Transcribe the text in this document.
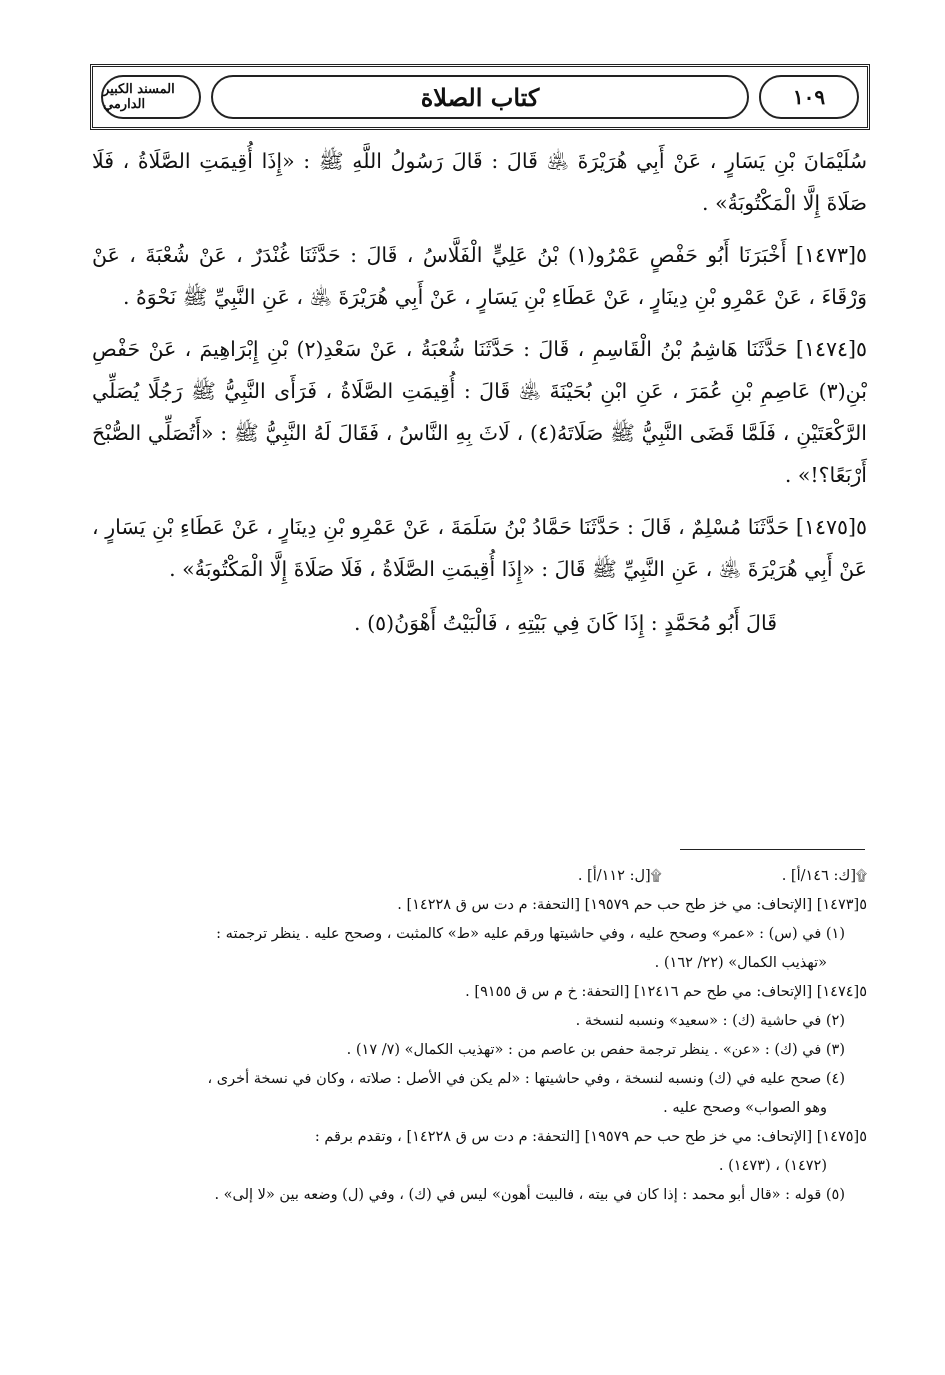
المسند الكبير الدارمي	كتاب الصلاة	١٠٩

سُلَيْمَانَ بْنِ يَسَارٍ ، عَنْ أَبِي هُرَيْرَةَ ﵁ قَالَ : قَالَ رَسُولُ اللَّهِ ﷺ : «إِذَا أُقِيمَتِ الصَّلَاةُ ، فَلَا صَلَاةَ إِلَّا الْمَكْتُوبَةُ» .

٥[١٤٧٣] أَخْبَرَنَا أَبُو حَفْصٍ عَمْرُو(١) بْنُ عَلِيٍّ الْفَلَّاسُ ، قَالَ : حَدَّثَنَا غُنْدَرٌ ، عَنْ شُعْبَةَ ، عَنْ وَرْقَاءَ ، عَنْ عَمْرِو بْنِ دِينَارٍ ، عَنْ عَطَاءِ بْنِ يَسَارٍ ، عَنْ أَبِي هُرَيْرَةَ ﵁ ، عَنِ النَّبِيِّ ﷺ نَحْوَهُ .

٥[١٤٧٤] حَدَّثَنَا هَاشِمُ بْنُ الْقَاسِمِ ، قَالَ : حَدَّثَنَا شُعْبَةُ ، عَنْ سَعْدِ(٢) بْنِ إِبْرَاهِيمَ ، عَنْ حَفْصِ بْنِ(٣) عَاصِمِ بْنِ عُمَرَ ، عَنِ ابْنِ بُحَيْنَةَ ﵁ قَالَ : أُقِيمَتِ الصَّلَاةُ ، فَرَأَى النَّبِيُّ ﷺ رَجُلًا يُصَلِّي الرَّكْعَتَيْنِ ، فَلَمَّا قَضَى النَّبِيُّ ﷺ صَلَاتَهُ(٤) ، لَاثَ بِهِ النَّاسُ ، فَقَالَ لَهُ النَّبِيُّ ﷺ : «أَتُصَلِّي الصُّبْحَ أَرْبَعًا؟!» .

٥[١٤٧٥] حَدَّثَنَا مُسْلِمٌ ، قَالَ : حَدَّثَنَا حَمَّادُ بْنُ سَلَمَةَ ، عَنْ عَمْرِو بْنِ دِينَارٍ ، عَنْ عَطَاءِ بْنِ يَسَارٍ ، عَنْ أَبِي هُرَيْرَةَ ﵁ ، عَنِ النَّبِيِّ ﷺ قَالَ : «إِذَا أُقِيمَتِ الصَّلَاةُ ، فَلَا صَلَاةَ إِلَّا الْمَكْتُوبَةُ» .

قَالَ أَبُو مُحَمَّدٍ : إِذَا كَانَ فِي بَيْتِهِ ، فَالْبَيْتُ أَهْوَنُ(٥) .

۩[ك: ١٤٦/أ] .۩[ل: ١١٢/أ] .
٥[١٤٧٣] [الإتحاف: مي خز طح حب حم ١٩٥٧٩] [التحفة: م دت س ق ١٤٢٢٨] .
(١) في (س) : «عمر» وصحح عليه ، وفي حاشيتها ورقم عليه «ط» كالمثبت ، وصحح عليه . ينظر ترجمته :
«تهذيب الكمال» (٢٢/ ١٦٢) .
٥[١٤٧٤] [الإتحاف: مي طح حم ١٢٤١٦] [التحفة: خ م س ق ٩١٥٥] .
(٢) في حاشية (ك) : «سعيد» ونسبه لنسخة .
(٣) في (ك) : «عن» . ينظر ترجمة حفص بن عاصم من : «تهذيب الكمال» (٧/ ١٧) .
(٤) صحح عليه في (ك) ونسبه لنسخة ، وفي حاشيتها : «لم يكن في الأصل : صلاته ، وكان في نسخة أخرى ،
وهو الصواب» وصحح عليه .
٥[١٤٧٥] [الإتحاف: مي خز طح حب حم ١٩٥٧٩] [التحفة: م دت س ق ١٤٢٢٨] ، وتقدم برقم :
(١٤٧٢) ، (١٤٧٣) .
(٥) قوله : «قال أبو محمد : إذا كان في بيته ، فالبيت أهون» ليس في (ك) ، وفي (ل) وضعه بين «لا إلى» .
